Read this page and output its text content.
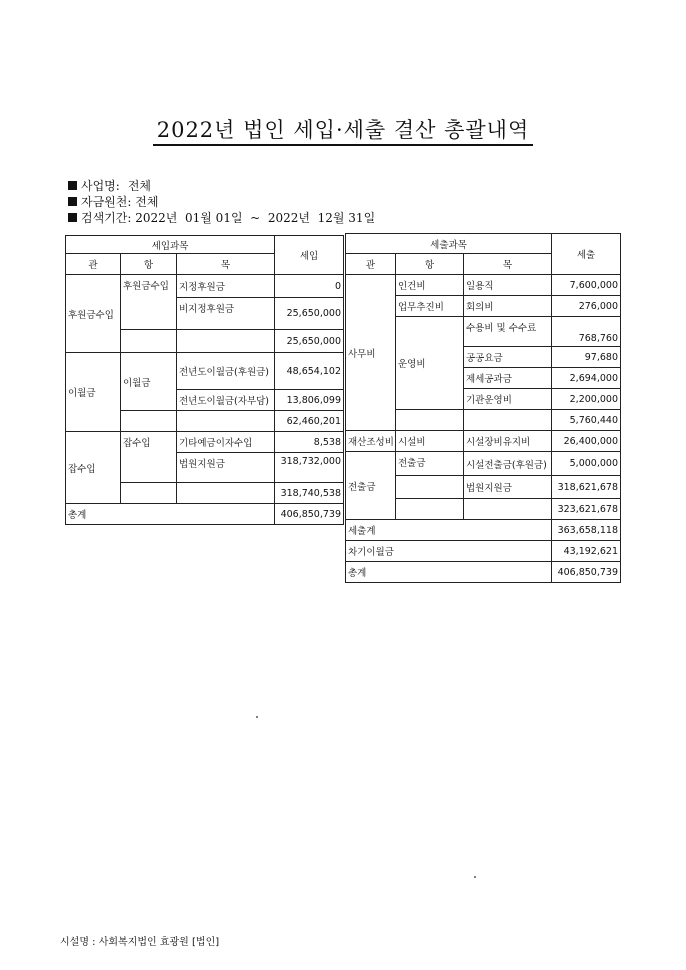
2022년 법인 세입·세출 결산 총괄내역
사업명: 전체
자금원천: 전체
검색기간: 2022년  01월 01일  ~  2022년  12월 31일
세입과목			세입
관	항	목	
후원금수입	후원금수입	지정후원금	0
		비지정후원금	25,650,000
			25,650,000
이월금	이월금	전년도이월금(후원금)	48,654,102
		전년도이월금(자부담)	13,806,099
			62,460,201
잡수입	잡수입	기타예금이자수입	8,538
		법원지원금	318,732,000
			318,740,538
총계			406,850,739
세출과목			세출
관	항	목	
사무비	인건비	일용직	7,600,000
	업무추진비	회의비	276,000
	운영비	수용비 및 수수료	768,760
		공공요금	97,680
		제세공과금	2,694,000
		기관운영비	2,200,000
			5,760,440
재산조성비	시설비	시설장비유지비	26,400,000
전출금	전출금	시설전출금(후원금)	5,000,000
		법원지원금	318,621,678
			323,621,678
세출계			363,658,118
차기이월금			43,192,621
총계			406,850,739
시설명 : 사회복지법인 효광원 [법인]
